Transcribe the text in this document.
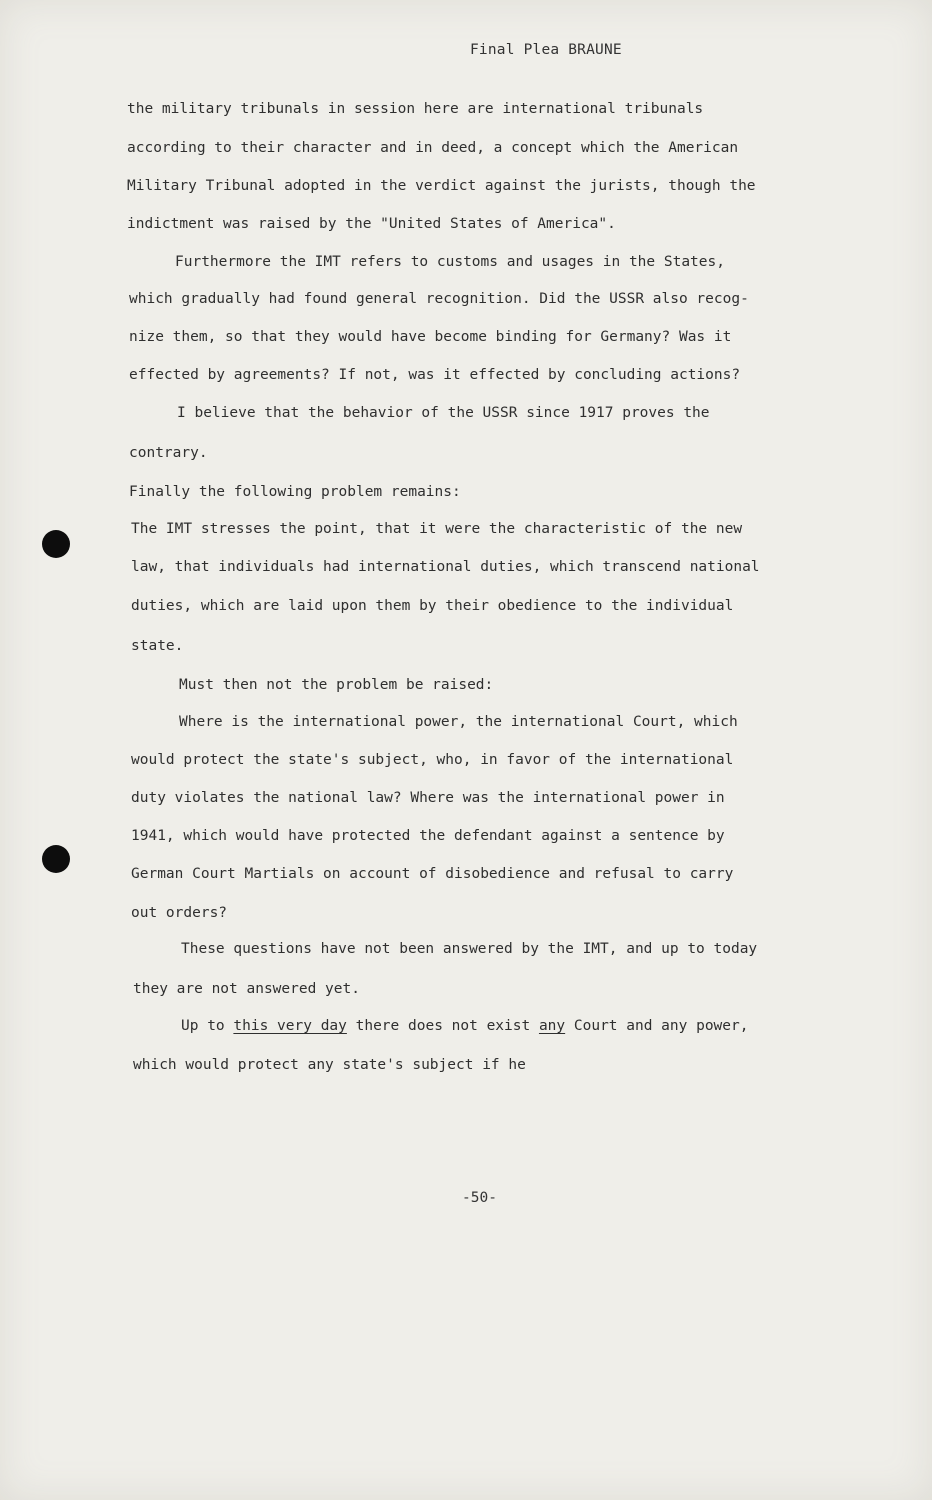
Final Plea BRAUNE
the military tribunals in session here are international tribunals
according to their character and in deed, a concept which the American
Military Tribunal adopted in the verdict against the jurists, though the
indictment was raised by the "United States of America".
Furthermore the IMT refers to customs and usages in the States,
which gradually had found general recognition. Did the USSR also recog-
nize them, so that they would have become binding for Germany? Was it
effected by agreements? If not, was it effected by concluding actions?
I believe that the behavior of the USSR since 1917 proves the
contrary.
Finally the following problem remains:
The IMT stresses the point, that it were the characteristic of the new
law, that individuals had international duties, which transcend national
duties, which are laid upon them by their obedience to the individual
state.
Must then not the problem be raised:
Where is the international power, the international Court, which
would protect the state's subject, who, in favor of the international
duty violates the national law? Where was the international power in
1941, which would have protected the defendant against a sentence by
German Court Martials on account of disobedience and refusal to carry
out orders?
These questions have not been answered by the IMT, and up to today
they are not answered yet.
Up to this very day there does not exist any Court and any power,
which would protect any state's subject if he
-50-
